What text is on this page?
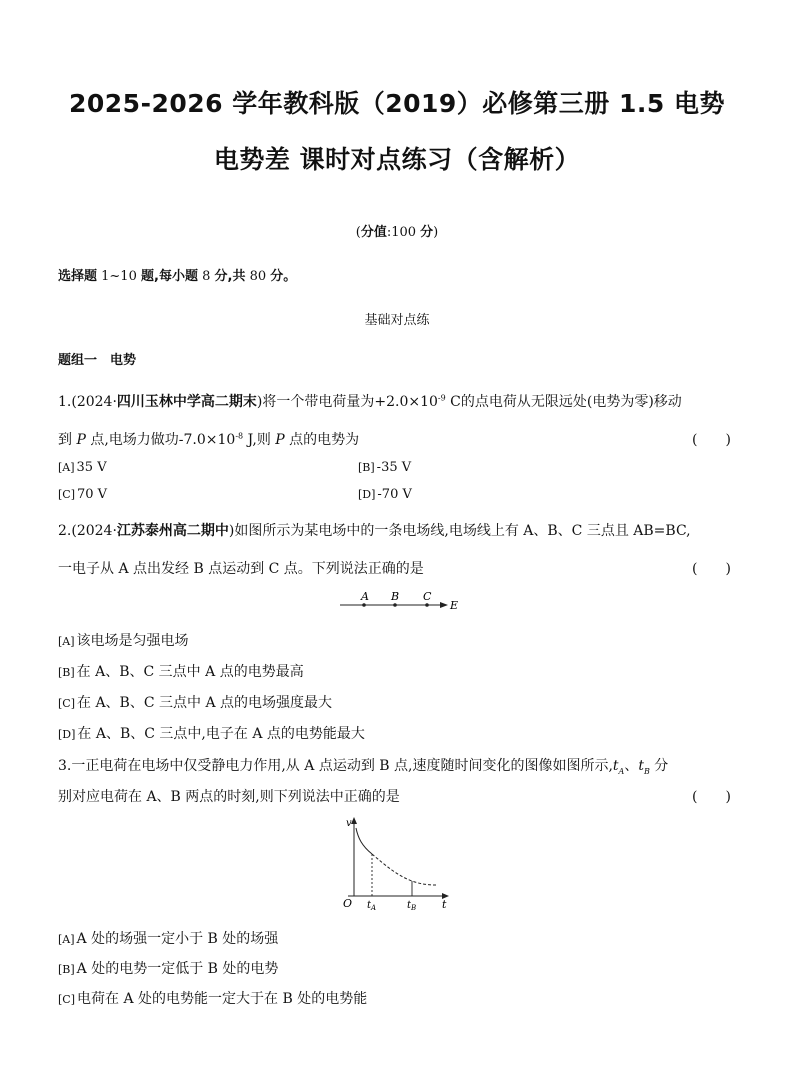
2025-2026 学年教科版（2019）必修第三册 1.5 电势
电势差 课时对点练习（含解析）
(分值:100 分)
选择题 1~10 题,每小题 8 分,共 80 分。
基础对点练
题组一　电势
1.(2024·四川玉林中学高二期末)将一个带电荷量为$+2.0\times 10^{-9}$ C的点电荷从无限远处(电势为零)移动
到 P 点,电场力做功$-7.0\times 10^{-8}$ J,则 P 点的电势为	(　　)
[A] 35 V	[B] -35 V
[C] 70 V	[D] -70 V
2.(2024·江苏泰州高二期中)如图所示为某电场中的一条电场线,电场线上有 A、B、C 三点且 AB=BC,
一电子从 A 点出发经 B 点运动到 C 点。下列说法正确的是	(　　)
A B C
E
[A] 该电场是匀强电场
[B] 在 A、B、C 三点中 A 点的电势最高
[C] 在 A、B、C 三点中 A 点的电场强度最大
[D] 在 A、B、C 三点中,电子在 A 点的电势能最大
3.一正电荷在电场中仅受静电力作用,从 A 点运动到 B 点,速度随时间变化的图像如图所示$,t_A$、$t_B$ 分
别对应电荷在 A、B 两点的时刻,则下列说法中正确的是	(　　)
v
O	t
$t_A$	$t_B$
[A] A 处的场强一定小于 B 处的场强
[B] A 处的电势一定低于 B 处的电势
[C] 电荷在 A 处的电势能一定大于在 B 处的电势能
